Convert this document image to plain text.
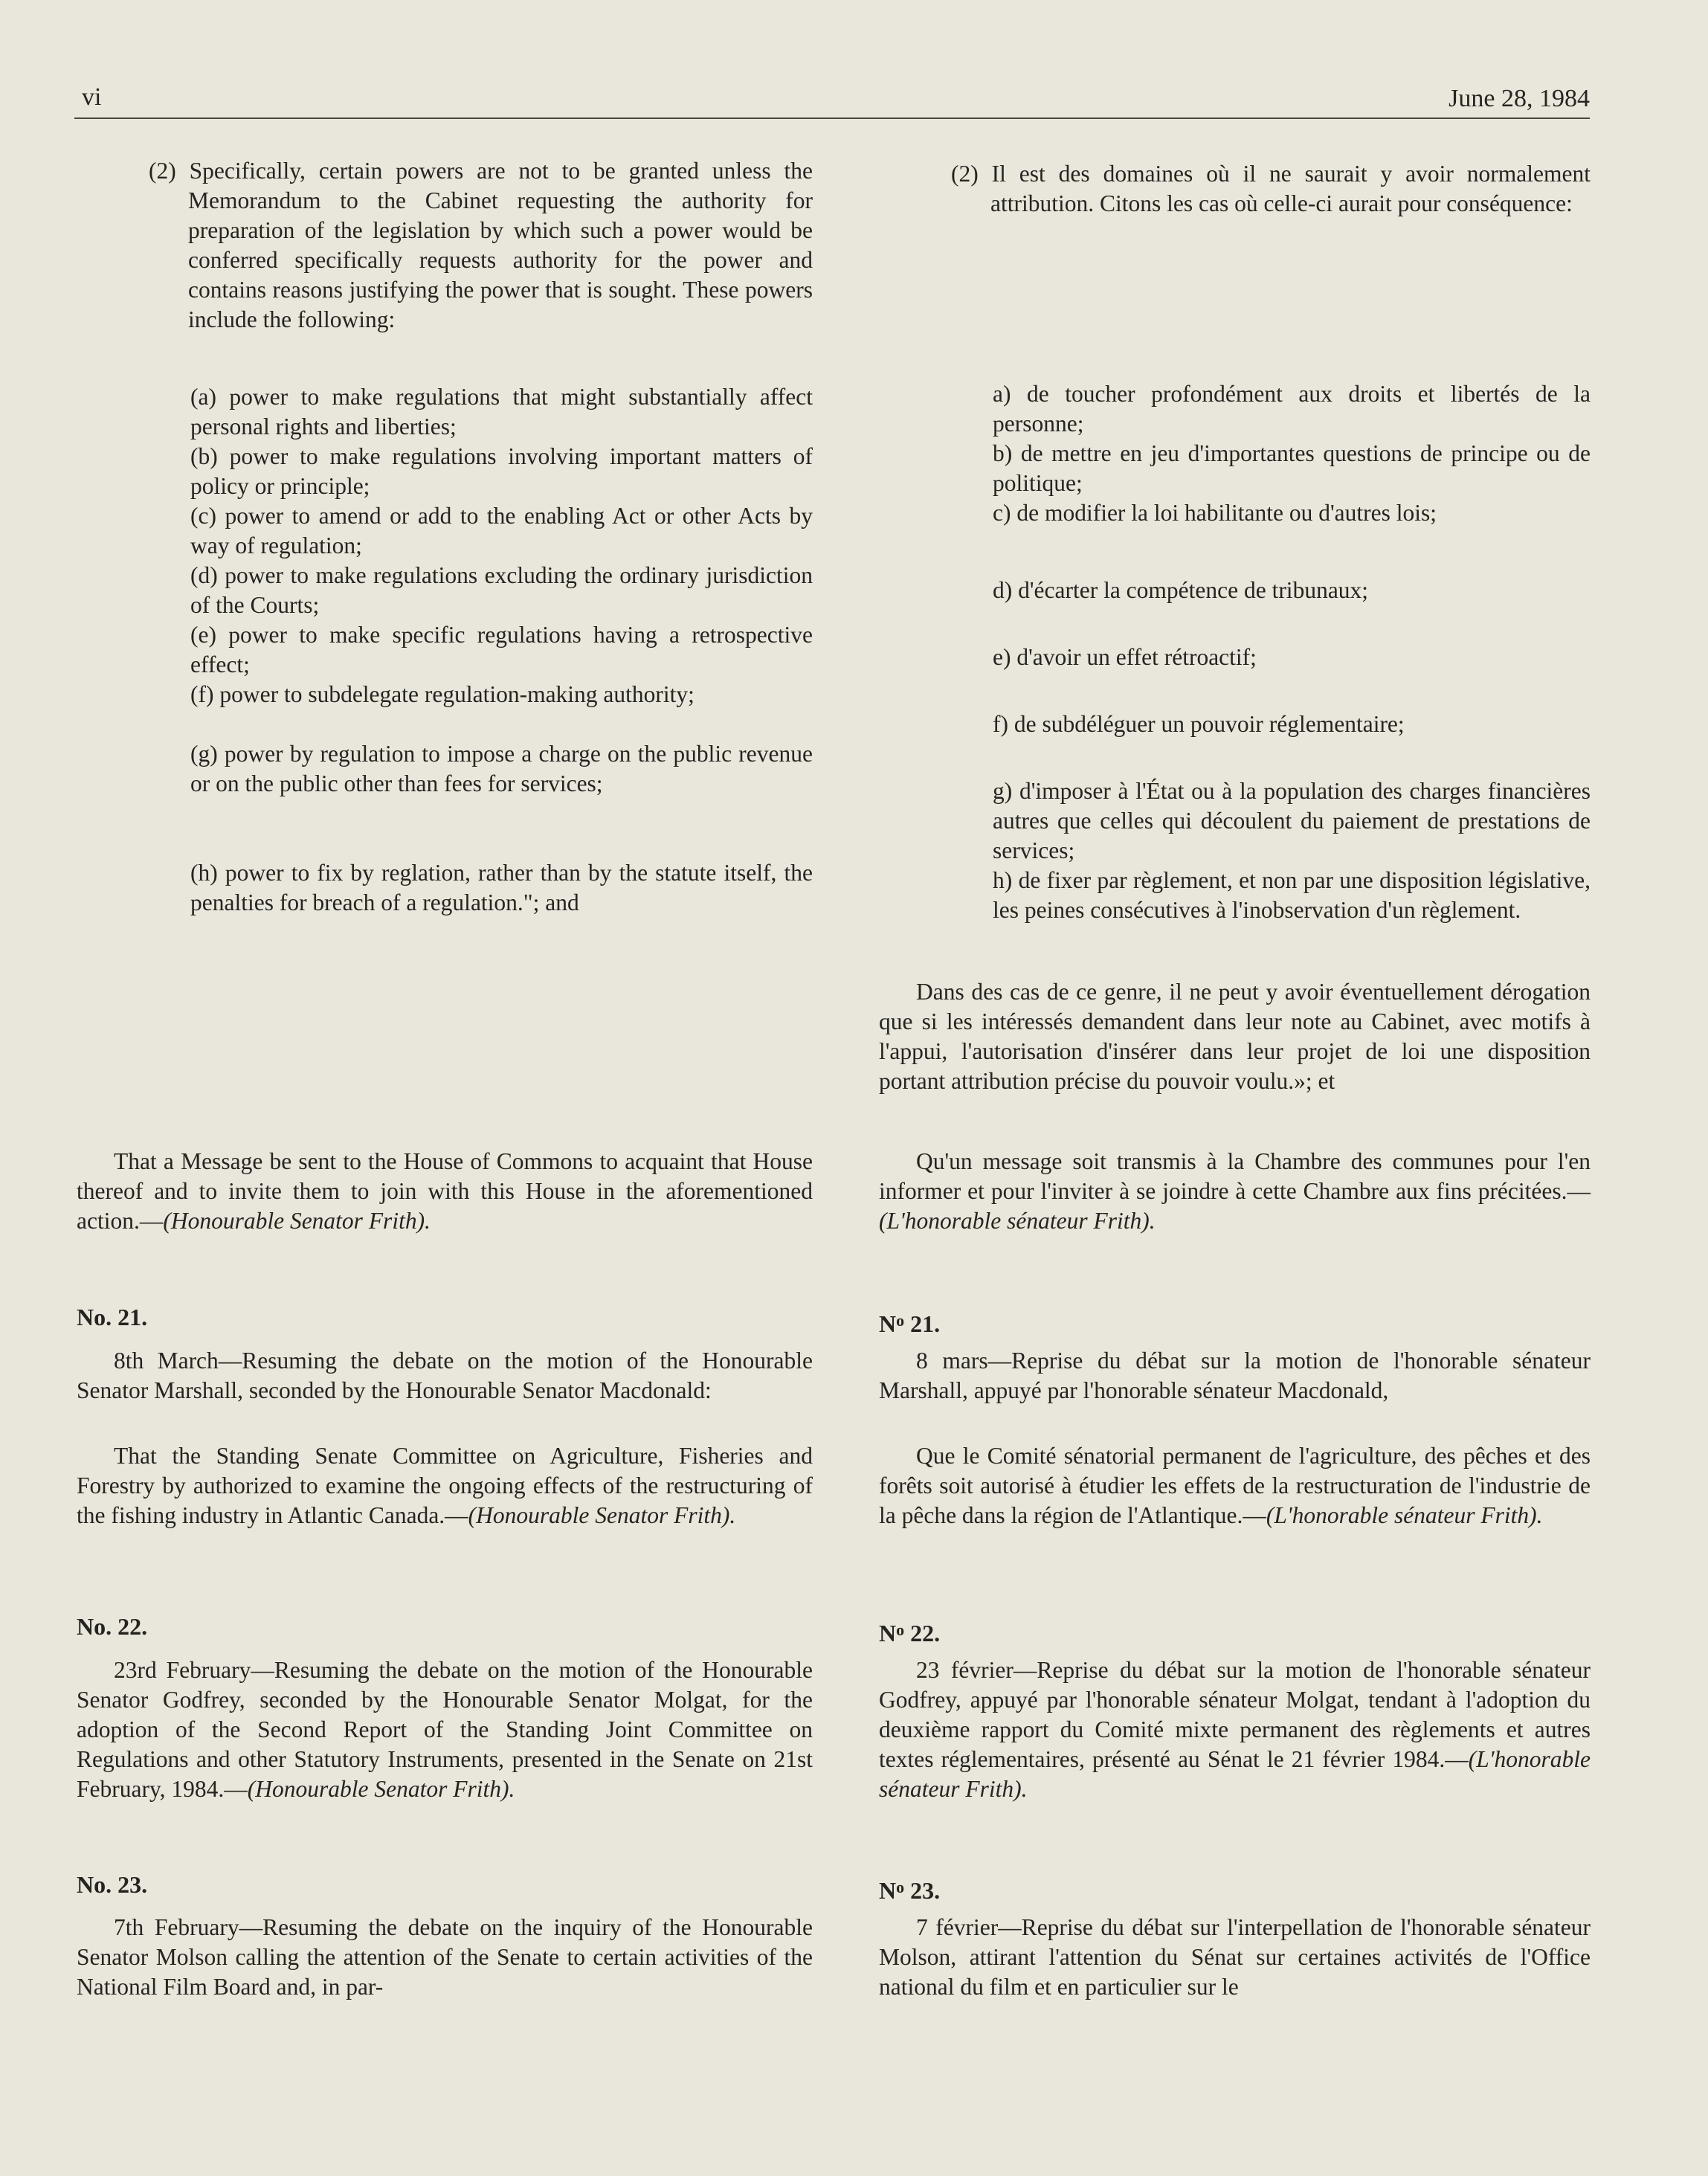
vi	June 28, 1984
(2) Specifically, certain powers are not to be granted unless the Memorandum to the Cabinet requesting the authority for preparation of the legislation by which such a power would be conferred specifically requests authority for the power and contains reasons justifying the power that is sought. These powers include the following:
(a) power to make regulations that might substantially affect personal rights and liberties;
(b) power to make regulations involving important matters of policy or principle;
(c) power to amend or add to the enabling Act or other Acts by way of regulation;
(d) power to make regulations excluding the ordinary jurisdiction of the Courts;
(e) power to make specific regulations having a retrospective effect;
(f) power to subdelegate regulation-making authority;
(g) power by regulation to impose a charge on the public revenue or on the public other than fees for services;
(h) power to fix by reglation, rather than by the statute itself, the penalties for breach of a regulation."; and
That a Message be sent to the House of Commons to acquaint that House thereof and to invite them to join with this House in the aforementioned action.—(Honourable Senator Frith).
No. 21.
8th March—Resuming the debate on the motion of the Honourable Senator Marshall, seconded by the Honourable Senator Macdonald:
That the Standing Senate Committee on Agriculture, Fisheries and Forestry by authorized to examine the ongoing effects of the restructuring of the fishing industry in Atlantic Canada.—(Honourable Senator Frith).
No. 22.
23rd February—Resuming the debate on the motion of the Honourable Senator Godfrey, seconded by the Honourable Senator Molgat, for the adoption of the Second Report of the Standing Joint Committee on Regulations and other Statutory Instruments, presented in the Senate on 21st February, 1984.—(Honourable Senator Frith).
No. 23.
7th February—Resuming the debate on the inquiry of the Honourable Senator Molson calling the attention of the Senate to certain activities of the National Film Board and, in par-
(2) Il est des domaines où il ne saurait y avoir normalement attribution. Citons les cas où celle-ci aurait pour conséquence:
a) de toucher profondément aux droits et libertés de la personne;
b) de mettre en jeu d'importantes questions de principe ou de politique;
c) de modifier la loi habilitante ou d'autres lois;
d) d'écarter la compétence de tribunaux;
e) d'avoir un effet rétroactif;
f) de subdéléguer un pouvoir réglementaire;
g) d'imposer à l'État ou à la population des charges financières autres que celles qui découlent du paiement de prestations de services;
h) de fixer par règlement, et non par une disposition législative, les peines consécutives à l'inobservation d'un règlement.
Dans des cas de ce genre, il ne peut y avoir éventuellement dérogation que si les intéressés demandent dans leur note au Cabinet, avec motifs à l'appui, l'autorisation d'insérer dans leur projet de loi une disposition portant attribution précise du pouvoir voulu.»; et
Qu'un message soit transmis à la Chambre des communes pour l'en informer et pour l'inviter à se joindre à cette Chambre aux fins précitées.—(L'honorable sénateur Frith).
$N^o$ 21.
8 mars—Reprise du débat sur la motion de l'honorable sénateur Marshall, appuyé par l'honorable sénateur Macdonald,
Que le Comité sénatorial permanent de l'agriculture, des pêches et des forêts soit autorisé à étudier les effets de la restructuration de l'industrie de la pêche dans la région de l'Atlantique.—(L'honorable sénateur Frith).
$N^o$ 22.
23 février—Reprise du débat sur la motion de l'honorable sénateur Godfrey, appuyé par l'honorable sénateur Molgat, tendant à l'adoption du deuxième rapport du Comité mixte permanent des règlements et autres textes réglementaires, présenté au Sénat le 21 février 1984.—(L'honorable sénateur Frith).
$N^o$ 23.
7 février—Reprise du débat sur l'interpellation de l'honorable sénateur Molson, attirant l'attention du Sénat sur certaines activités de l'Office national du film et en particulier sur le
